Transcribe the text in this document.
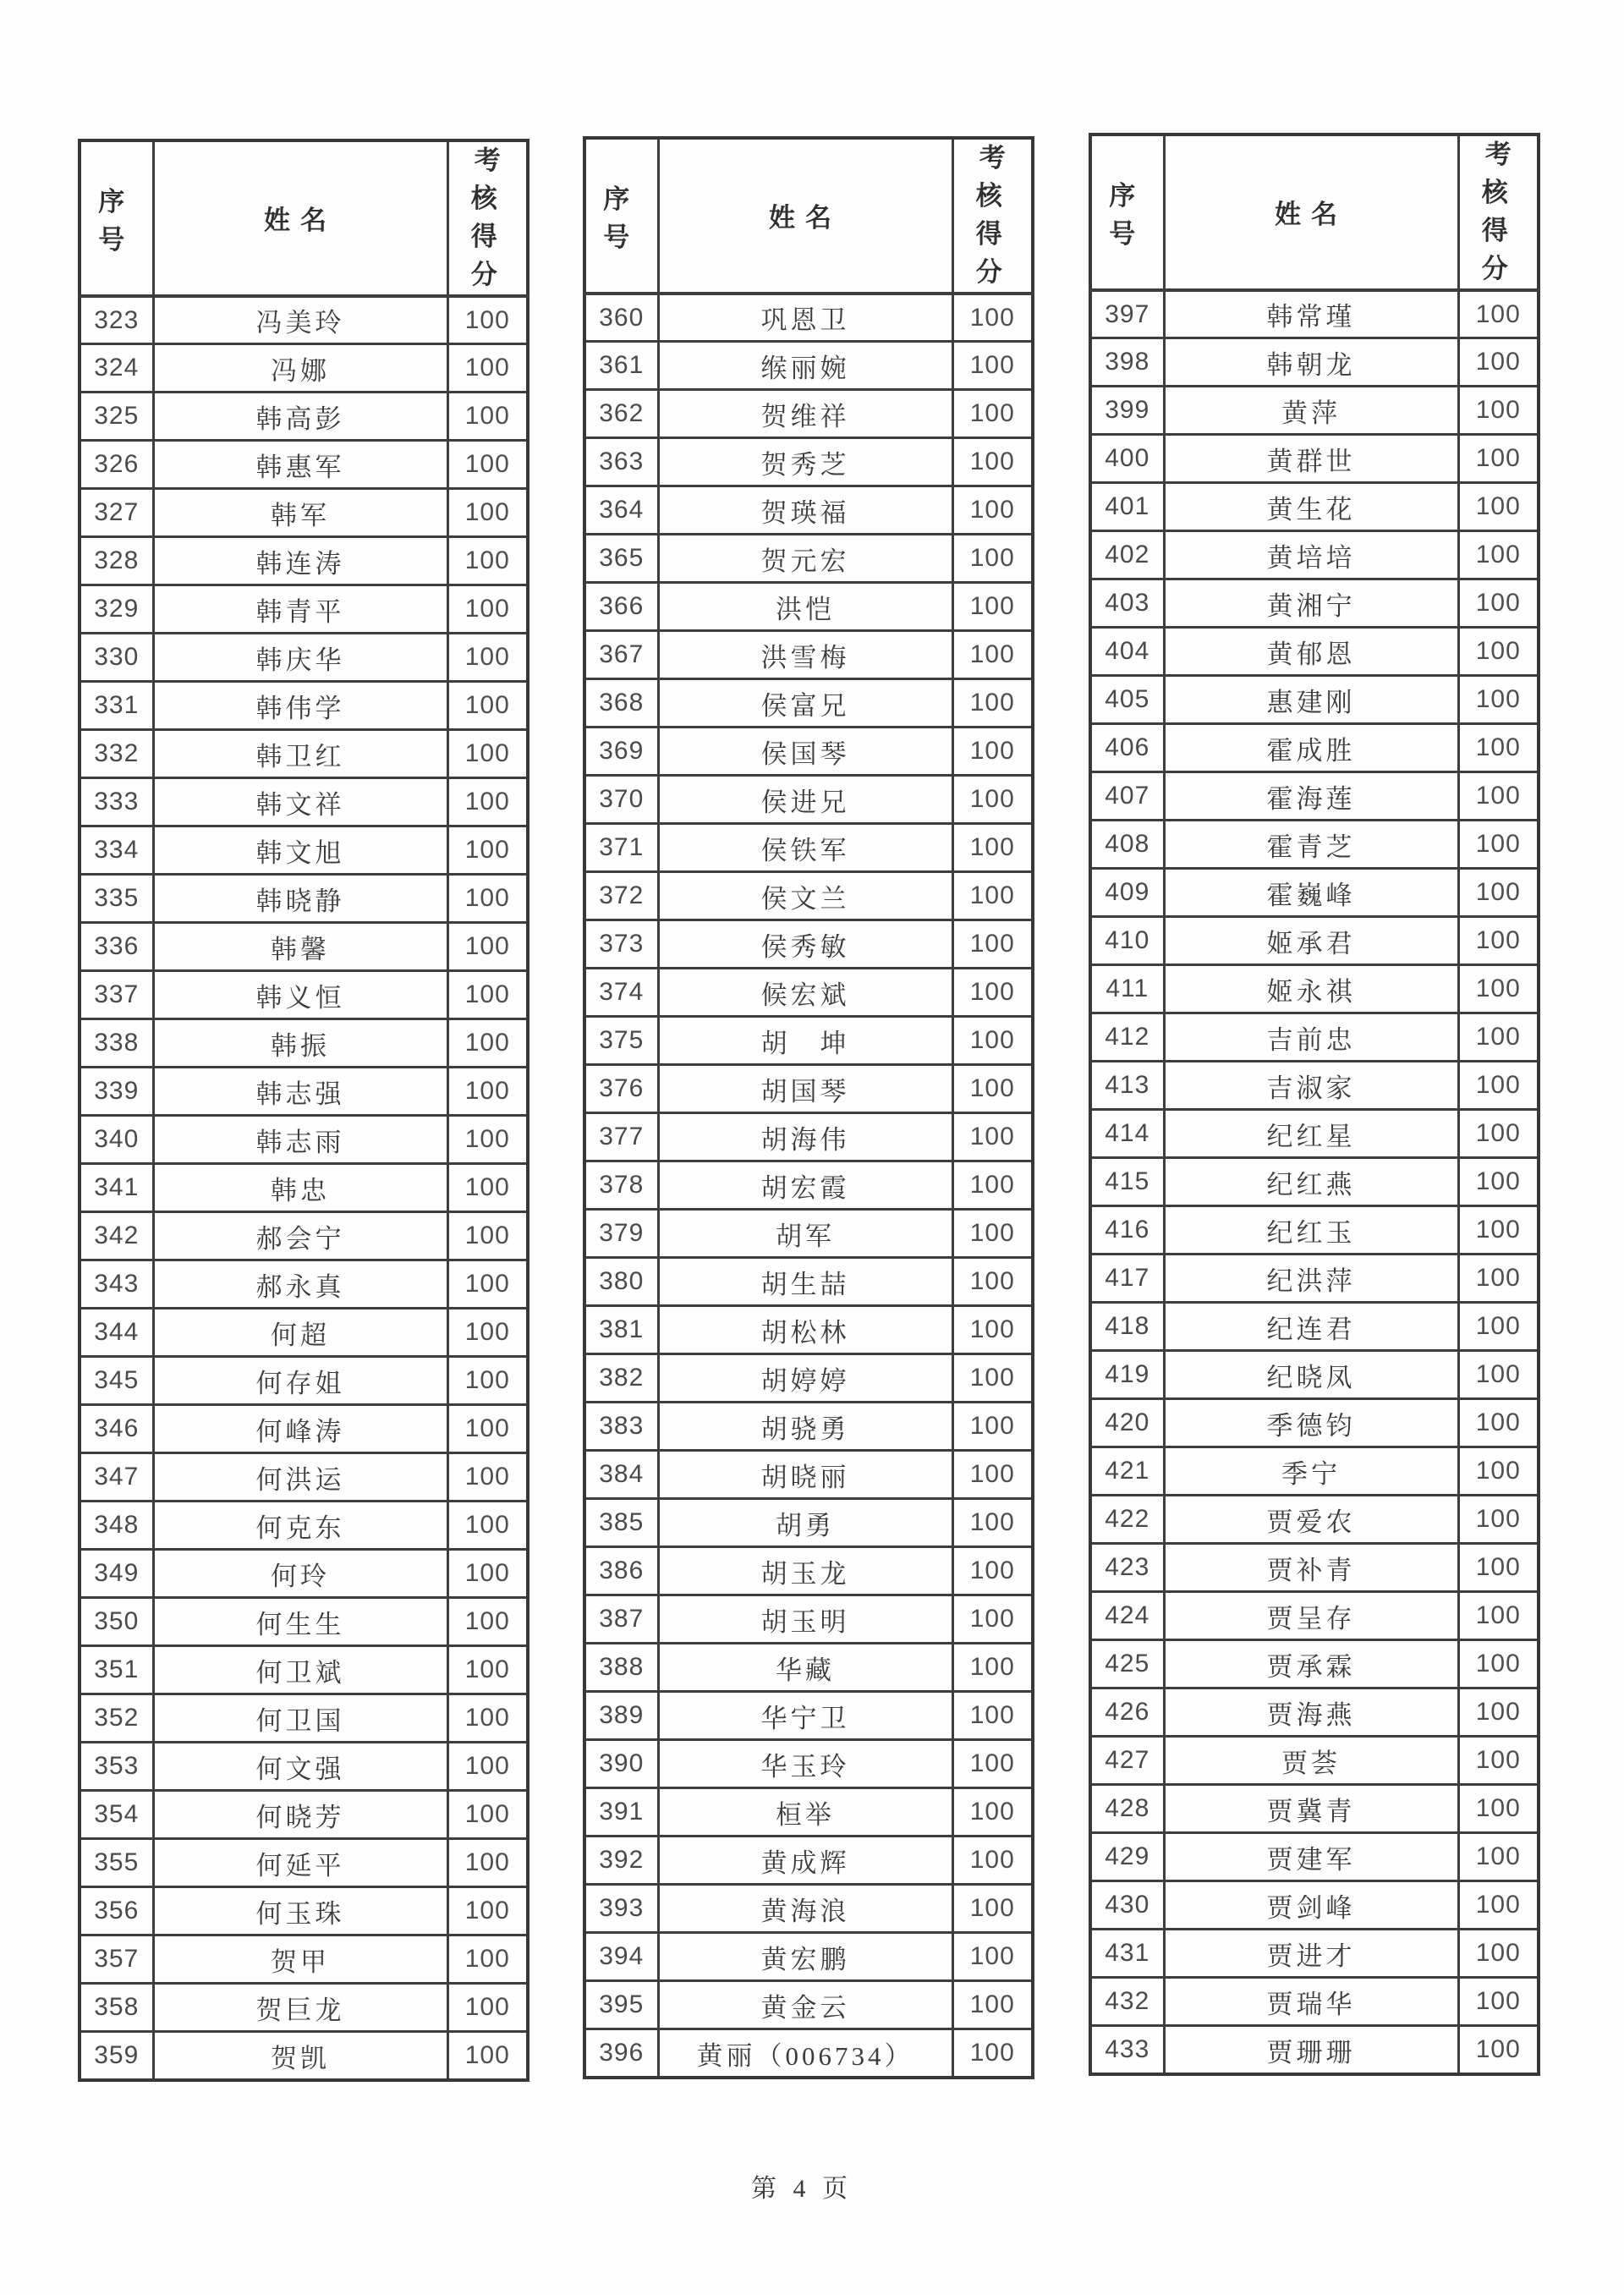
序号	姓名	考核得分

323	冯美玲	100
324	冯娜	100
325	韩高彭	100
326	韩惠军	100
327	韩军	100
328	韩连涛	100
329	韩青平	100
330	韩庆华	100
331	韩伟学	100
332	韩卫红	100
333	韩文祥	100
334	韩文旭	100
335	韩晓静	100
336	韩馨	100
337	韩义恒	100
338	韩振	100
339	韩志强	100
340	韩志雨	100
341	韩忠	100
342	郝会宁	100
343	郝永真	100
344	何超	100
345	何存姐	100
346	何峰涛	100
347	何洪运	100
348	何克东	100
349	何玲	100
350	何生生	100
351	何卫斌	100
352	何卫国	100
353	何文强	100
354	何晓芳	100
355	何延平	100
356	何玉珠	100
357	贺甲	100
358	贺巨龙	100
359	贺凯	100
序号	姓名	考核得分

360	巩恩卫	100
361	缑丽婉	100
362	贺维祥	100
363	贺秀芝	100
364	贺瑛福	100
365	贺元宏	100
366	洪恺	100
367	洪雪梅	100
368	侯富兄	100
369	侯国琴	100
370	侯进兄	100
371	侯铁军	100
372	侯文兰	100
373	侯秀敏	100
374	候宏斌	100
375	胡　坤	100
376	胡国琴	100
377	胡海伟	100
378	胡宏霞	100
379	胡军	100
380	胡生喆	100
381	胡松林	100
382	胡婷婷	100
383	胡骁勇	100
384	胡晓丽	100
385	胡勇	100
386	胡玉龙	100
387	胡玉明	100
388	华藏	100
389	华宁卫	100
390	华玉玲	100
391	桓举	100
392	黄成辉	100
393	黄海浪	100
394	黄宏鹏	100
395	黄金云	100
396	黄丽（006734）	100
序号	姓名	考核得分

397	韩常瑾	100
398	韩朝龙	100
399	黄萍	100
400	黄群世	100
401	黄生花	100
402	黄培培	100
403	黄湘宁	100
404	黄郁恩	100
405	惠建刚	100
406	霍成胜	100
407	霍海莲	100
408	霍青芝	100
409	霍巍峰	100
410	姬承君	100
411	姬永祺	100
412	吉前忠	100
413	吉淑家	100
414	纪红星	100
415	纪红燕	100
416	纪红玉	100
417	纪洪萍	100
418	纪连君	100
419	纪晓凤	100
420	季德钧	100
421	季宁	100
422	贾爱农	100
423	贾补青	100
424	贾呈存	100
425	贾承霖	100
426	贾海燕	100
427	贾荟	100
428	贾冀青	100
429	贾建军	100
430	贾剑峰	100
431	贾进才	100
432	贾瑞华	100
433	贾珊珊	100
第 4 页
